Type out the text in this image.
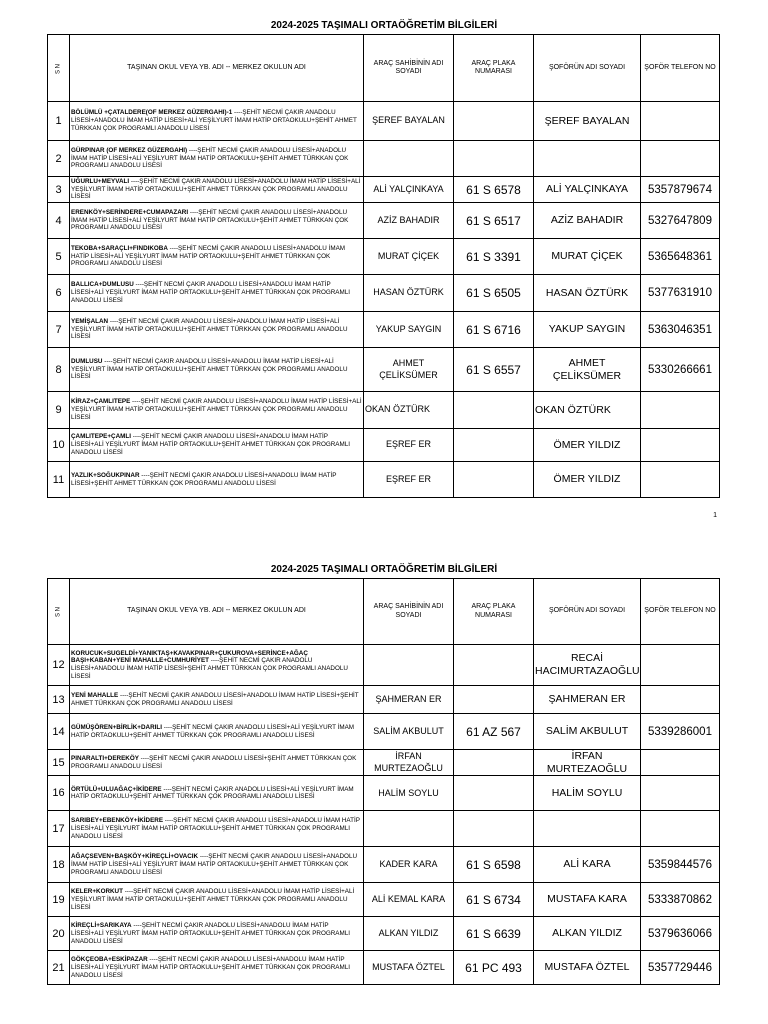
2024-2025 TAŞIMALI ORTAÖĞRETİM BİLGİLERİ
S N	TAŞINAN OKUL VEYA YB. ADI -- MERKEZ OKULUN ADI	ARAÇ SAHİBİNİN ADI SOYADI	ARAÇ PLAKA NUMARASI	ŞOFÖRÜN ADI SOYADI	ŞOFÖR TELEFON NO
1	BÖLÜMLÜ +ÇATALDERE(OF MERKEZ GÜZERGAHI)-1 ----ŞEHİT NECMİ ÇAKIR ANADOLU LİSESİ+ANADOLU İMAM HATİP LİSESİ+ALİ YEŞİLYURT İMAM HATİP ORTAOKULU+ŞEHİT AHMET TÜRKKAN ÇOK PROGRAMLI ANADOLU LİSESİ	ŞEREF BAYALAN		ŞEREF BAYALAN	
2	GÜRPINAR (OF MERKEZ GÜZERGAHI) ----ŞEHİT NECMİ ÇAKIR ANADOLU LİSESİ+ANADOLU İMAM HATİP LİSESİ+ALİ YEŞİLYURT İMAM HATİP ORTAOKULU+ŞEHİT AHMET TÜRKKAN ÇOK PROGRAMLI ANADOLU LİSESİ				
3	UĞURLU+MEYVALI ----ŞEHİT NECMİ ÇAKIR ANADOLU LİSESİ+ANADOLU İMAM HATİP LİSESİ+ALİ YEŞİLYURT İMAM HATİP ORTAOKULU+ŞEHİT AHMET TÜRKKAN ÇOK PROGRAMLI ANADOLU LİSESİ	ALİ YALÇINKAYA	61 S 6578	ALİ YALÇINKAYA	5357879674
4	ERENKÖY+SERİNDERE+CUMAPAZARI ----ŞEHİT NECMİ ÇAKIR ANADOLU LİSESİ+ANADOLU İMAM HATİP LİSESİ+ALİ YEŞİLYURT İMAM HATİP ORTAOKULU+ŞEHİT AHMET TÜRKKAN ÇOK PROGRAMLI ANADOLU LİSESİ	AZİZ BAHADIR	61 S 6517	AZİZ BAHADIR	5327647809
5	TEKOBA+SARAÇLI+FINDIKOBA ----ŞEHİT NECMİ ÇAKIR ANADOLU LİSESİ+ANADOLU İMAM HATİP LİSESİ+ALİ YEŞİLYURT İMAM HATİP ORTAOKULU+ŞEHİT AHMET TÜRKKAN ÇOK PROGRAMLI ANADOLU LİSESİ	MURAT ÇİÇEK	61 S 3391	MURAT ÇİÇEK	5365648361
6	BALLICA+DUMLUSU ----ŞEHİT NECMİ ÇAKIR ANADOLU LİSESİ+ANADOLU İMAM HATİP LİSESİ+ALİ YEŞİLYURT İMAM HATİP ORTAOKULU+ŞEHİT AHMET TÜRKKAN ÇOK PROGRAMLI ANADOLU LİSESİ	HASAN ÖZTÜRK	61 S 6505	HASAN ÖZTÜRK	5377631910
7	YEMİŞALAN ----ŞEHİT NECMİ ÇAKIR ANADOLU LİSESİ+ANADOLU İMAM HATİP LİSESİ+ALİ YEŞİLYURT İMAM HATİP ORTAOKULU+ŞEHİT AHMET TÜRKKAN ÇOK PROGRAMLI ANADOLU LİSESİ	YAKUP SAYGIN	61 S 6716	YAKUP SAYGIN	5363046351
8	DUMLUSU ----ŞEHİT NECMİ ÇAKIR ANADOLU LİSESİ+ANADOLU İMAM HATİP LİSESİ+ALİ YEŞİLYURT İMAM HATİP ORTAOKULU+ŞEHİT AHMET TÜRKKAN ÇOK PROGRAMLI ANADOLU LİSESİ	AHMET ÇELİKSÜMER	61 S 6557	AHMET ÇELİKSÜMER	5330266661
9	KİRAZ+ÇAMLITEPE ----ŞEHİT NECMİ ÇAKIR ANADOLU LİSESİ+ANADOLU İMAM HATİP LİSESİ+ALİ YEŞİLYURT İMAM HATİP ORTAOKULU+ŞEHİT AHMET TÜRKKAN ÇOK PROGRAMLI ANADOLU LİSESİ	OKAN ÖZTÜRK		OKAN ÖZTÜRK	
10	ÇAMLITEPE+ÇAMLI ----ŞEHİT NECMİ ÇAKIR ANADOLU LİSESİ+ANADOLU İMAM HATİP LİSESİ+ALİ YEŞİLYURT İMAM HATİP ORTAOKULU+ŞEHİT AHMET TÜRKKAN ÇOK PROGRAMLI ANADOLU LİSESİ	EŞREF ER		ÖMER YILDIZ	
11	YAZLIK+SOĞUKPINAR ----ŞEHİT NECMİ ÇAKIR ANADOLU LİSESİ+ANADOLU İMAM HATİP LİSESİ+ŞEHİT AHMET TÜRKKAN ÇOK PROGRAMLI ANADOLU LİSESİ	EŞREF ER		ÖMER YILDIZ	
1
2024-2025 TAŞIMALI ORTAÖĞRETİM BİLGİLERİ
S N	TAŞINAN OKUL VEYA YB. ADI -- MERKEZ OKULUN ADI	ARAÇ SAHİBİNİN ADI SOYADI	ARAÇ PLAKA NUMARASI	ŞOFÖRÜN ADI SOYADI	ŞOFÖR TELEFON NO
12	KORUCUK+SUGELDİ+YANIKTAŞ+KAVAKPINAR+ÇUKUROVA+SERİNCE+AĞAÇ BAŞI+KABAN+YENİ MAHALLE+CUMHURİYET ----ŞEHİT NECMİ ÇAKIR ANADOLU LİSESİ+ANADOLU İMAM HATİP LİSESİ+ŞEHİT AHMET TÜRKKAN ÇOK PROGRAMLI ANADOLU LİSESİ			RECAİ HACIMURTAZAOĞLU	
13	YENİ MAHALLE ----ŞEHİT NECMİ ÇAKIR ANADOLU LİSESİ+ANADOLU İMAM HATİP LİSESİ+ŞEHİT AHMET TÜRKKAN ÇOK PROGRAMLI ANADOLU LİSESİ	ŞAHMERAN ER		ŞAHMERAN ER	
14	GÜMÜŞÖREN+BİRLİK+DARILI ----ŞEHİT NECMİ ÇAKIR ANADOLU LİSESİ+ALİ YEŞİLYURT İMAM HATİP ORTAOKULU+ŞEHİT AHMET TÜRKKAN ÇOK PROGRAMLI ANADOLU LİSESİ	SALİM AKBULUT	61 AZ 567	SALİM AKBULUT	5339286001
15	PINARALTI+DEREKÖY ----ŞEHİT NECMİ ÇAKIR ANADOLU LİSESİ+ŞEHİT AHMET TÜRKKAN ÇOK PROGRAMLI ANADOLU LİSESİ	İRFAN MURTEZAOĞLU		İRFAN MURTEZAOĞLU	
16	ÖRTÜLÜ+ULUAĞAÇ+İKİDERE ----ŞEHİT NECMİ ÇAKIR ANADOLU LİSESİ+ALİ YEŞİLYURT İMAM HATİP ORTAOKULU+ŞEHİT AHMET TÜRKKAN ÇOK PROGRAMLI ANADOLU LİSESİ	HALİM SOYLU		HALİM SOYLU	
17	SARIBEY+EBENKÖY+İKİDERE ----ŞEHİT NECMİ ÇAKIR ANADOLU LİSESİ+ANADOLU İMAM HATİP LİSESİ+ALİ YEŞİLYURT İMAM HATİP ORTAOKULU+ŞEHİT AHMET TÜRKKAN ÇOK PROGRAMLI ANADOLU LİSESİ				
18	AĞAÇSEVEN+BAŞKÖY+KİREÇLİ+OVACIK ----ŞEHİT NECMİ ÇAKIR ANADOLU LİSESİ+ANADOLU İMAM HATİP LİSESİ+ALİ YEŞİLYURT İMAM HATİP ORTAOKULU+ŞEHİT AHMET TÜRKKAN ÇOK PROGRAMLI ANADOLU LİSESİ	KADER KARA	61 S 6598	ALİ KARA	5359844576
19	KELER+KORKUT ----ŞEHİT NECMİ ÇAKIR ANADOLU LİSESİ+ANADOLU İMAM HATİP LİSESİ+ALİ YEŞİLYURT İMAM HATİP ORTAOKULU+ŞEHİT AHMET TÜRKKAN ÇOK PROGRAMLI ANADOLU LİSESİ	ALİ KEMAL KARA	61 S 6734	MUSTAFA KARA	5333870862
20	KİREÇLİ+SARIKAYA ----ŞEHİT NECMİ ÇAKIR ANADOLU LİSESİ+ANADOLU İMAM HATİP LİSESİ+ALİ YEŞİLYURT İMAM HATİP ORTAOKULU+ŞEHİT AHMET TÜRKKAN ÇOK PROGRAMLI ANADOLU LİSESİ	ALKAN YILDIZ	61 S 6639	ALKAN YILDIZ	5379636066
21	GÖKÇEOBA+ESKİPAZAR ----ŞEHİT NECMİ ÇAKIR ANADOLU LİSESİ+ANADOLU İMAM HATİP LİSESİ+ALİ YEŞİLYURT İMAM HATİP ORTAOKULU+ŞEHİT AHMET TÜRKKAN ÇOK PROGRAMLI ANADOLU LİSESİ	MUSTAFA ÖZTEL	61 PC 493	MUSTAFA ÖZTEL	5357729446
